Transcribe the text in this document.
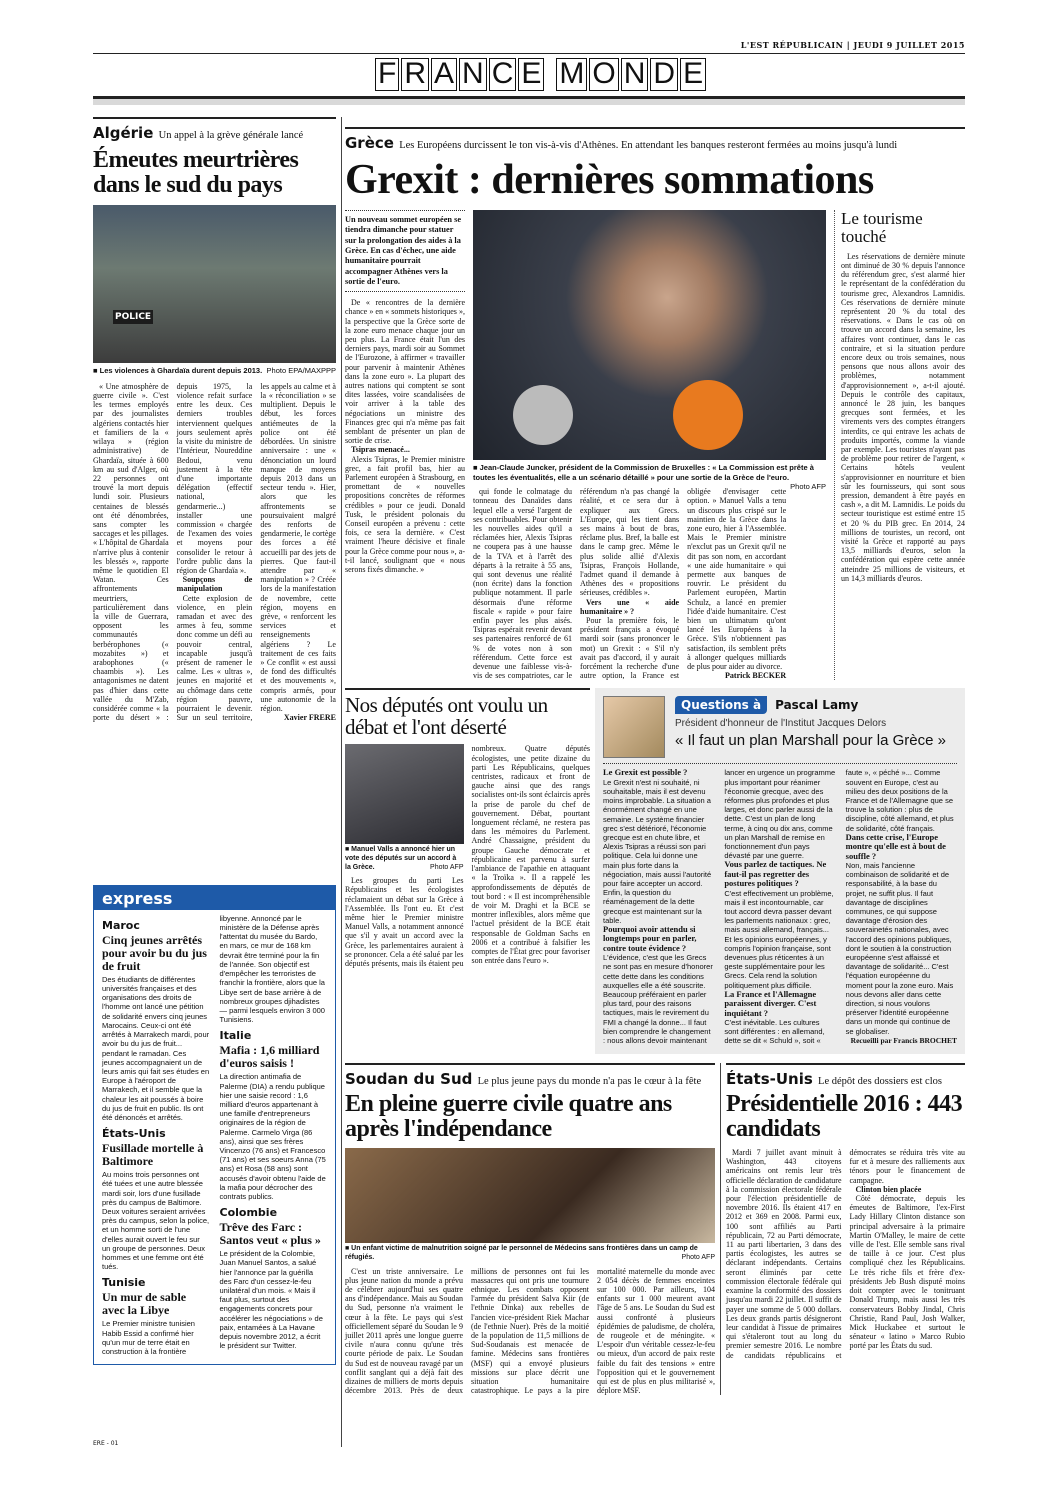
L'EST RÉPUBLICAIN | JEUDI 9 JUILLET 2015
F R A N C E M O N D E
Algérie Un appel à la grève générale lancé
Émeutes meurtrières dans le sud du pays
POLICE
■ Les violences à Ghardaïa durent depuis 2013. Photo EPA/MAXPPP

« Une atmosphère de guerre civile ». C'est les termes employés par des journalistes algériens contactés hier et familiers de la « wilaya » (région administrative) de Ghardaïa, située à 600 km au sud d'Alger, où 22 personnes ont trouvé la mort depuis lundi soir. Plusieurs centaines de blessés ont été dénombrées, sans compter les saccages et les pillages. « L'hôpital de Ghardaïa n'arrive plus à contenir les blessés », rapporte même le quotidien El Watan. Ces affrontements meurtriers, particulièrement dans la ville de Guerrara, opposent les communautés berbérophones (« mozabites ») et arabophones (« chaambis »). Les antagonismes ne datent pas d'hier dans cette vallée du M'Zab, considérée comme « la porte du désert » : depuis 1975, la violence refait surface entre les deux. Ces derniers troubles interviennent quelques jours seulement après la visite du ministre de l'Intérieur, Noureddine Bedoui, venu justement à la tête d'une importante délégation (effectif national, gendarmerie...) installer une commission « chargée de l'examen des voies et moyens pour consolider le retour à l'ordre public dans la région de Ghardaïa ».

Soupçons de manipulation

Cette explosion de violence, en plein ramadan et avec des armes à feu, somme donc comme un défi au pouvoir central, incapable jusqu'à présent de ramener le calme. Les « ultras », jeunes en majorité et au chômage dans cette région pauvre, pourraient le devenir. Sur un seul territoire, les appels au calme et à la « réconciliation » se multiplient. Depuis le début, les forces antiémeutes de la police ont été débordées. Un sinistre anniversaire : une « dénonciation un lourd manque de moyens depuis 2013 dans un secteur tendu ». Hier, alors que les affrontements se poursuivaient malgré des renforts de gendarmerie, le cortège des forces a été accueilli par des jets de pierres. Que faut-il attendre par « manipulation » ? Créée lors de la manifestation de novembre, cette région, moyens en grève, « renforcent les services et renseignements algériens ? Le traitement de ces faits » Ce conflit « est aussi de fond des difficultés et des mouvements », compris armés, pour une autonomie de la région.

Xavier FRERE

express
Maroc
Cinq jeunes arrêtés pour avoir bu du jus de fruit

Des étudiants de différentes universités françaises et des organisations des droits de l'homme ont lancé une pétition de solidarité envers cinq jeunes Marocains. Ceux-ci ont été arrêtés à Marrakech mardi, pour avoir bu du jus de fruit... pendant le ramadan. Ces jeunes accompagnaient un de leurs amis qui fait ses études en Europe à l'aéroport de Marrakech, et il semble que la chaleur les ait poussés à boire du jus de fruit en public. Ils ont été dénoncés et arrêtés.

États-Unis
Fusillade mortelle à Baltimore

Au moins trois personnes ont été tuées et une autre blessée mardi soir, lors d'une fusillade près du campus de Baltimore. Deux voitures seraient arrivées près du campus, selon la police, et un homme sorti de l'une d'elles aurait ouvert le feu sur un groupe de personnes. Deux hommes et une femme ont été tués.

Tunisie
Un mur de sable avec la Libye

Le Premier ministre tunisien Habib Essid a confirmé hier qu'un mur de terre était en construction à la frontière libyenne. Annoncé par le ministère de la Défense après l'attentat du musée du Bardo, en mars, ce mur de 168 km devrait être terminé pour la fin de l'année. Son objectif est d'empêcher les terroristes de franchir la frontière, alors que la Libye sert de base arrière à de nombreux groupes djihadistes — parmi lesquels environ 3 000 Tunisiens.

Italie
Mafia : 1,6 milliard d'euros saisis !

La direction antimafia de Palerme (DIA) a rendu publique hier une saisie record : 1,6 milliard d'euros appartenant à une famille d'entrepreneurs originaires de la région de Palerme. Carmelo Virga (86 ans), ainsi que ses frères Vincenzo (76 ans) et Francesco (71 ans) et ses soeurs Anna (75 ans) et Rosa (58 ans) sont accusés d'avoir obtenu l'aide de la mafia pour décrocher des contrats publics.

Colombie
Trêve des Farc : Santos veut « plus »

Le président de la Colombie, Juan Manuel Santos, a salué hier l'annonce par la guérilla des Farc d'un cessez-le-feu unilatéral d'un mois. « Mais il faut plus, surtout des engagements concrets pour accélérer les négociations » de paix, entamées à La Havane depuis novembre 2012, a écrit le président sur Twitter.

Grèce Les Européens durcissent le ton vis-à-vis d'Athènes. En attendant les banques resteront fermées au moins jusqu'à lundi
Grexit : dernières sommations
Un nouveau sommet européen se tiendra dimanche pour statuer sur la prolongation des aides à la Grèce. En cas d'échec, une aide humanitaire pourrait accompagner Athènes vers la sortie de l'euro.

De « rencontres de la dernière chance » en « sommets historiques », la perspective que la Grèce sorte de la zone euro menace chaque jour un peu plus. La France était l'un des derniers pays, mardi soir au Sommet de l'Eurozone, à affirmer « travailler pour parvenir à maintenir Athènes dans la zone euro ». La plupart des autres nations qui comptent se sont dites lassées, voire scandalisées de voir arriver à la table des négociations un ministre des Finances grec qui n'a même pas fait semblant de présenter un plan de sortie de crise.

Tsipras menacé...

Alexis Tsipras, le Premier ministre grec, a fait profil bas, hier au Parlement européen à Strasbourg, en promettant de « nouvelles propositions concrètes de réformes crédibles » pour ce jeudi. Donald Tusk, le président polonais du Conseil européen a prévenu : cette fois, ce sera la dernière. « C'est vraiment l'heure décisive et finale pour la Grèce comme pour nous », a-t-il lancé, soulignant que « nous serons fixés dimanche. »

■ Jean-Claude Juncker, président de la Commission de Bruxelles : « La Commission est prête à toutes les éventualités, elle a un scénario détaillé » pour une sortie de la Grèce de l'euro.
Photo AFP

qui fonde le colmatage du tonneau des Danaïdes dans lequel elle a versé l'argent de ses contribuables. Pour obtenir les nouvelles aides qu'il a réclamées hier, Alexis Tsipras ne coupera pas à une hausse de la TVA et à l'arrêt des départs à la retraite à 55 ans, qui sont devenus une réalité (non écrite) dans la fonction publique notamment. Il parle désormais d'une réforme fiscale « rapide » pour faire enfin payer les plus aisés. Tsipras espérait revenir devant ses partenaires renforcé de 61 % de votes non à son référendum. Cette force est devenue une faiblesse vis-à-vis de ses compatriotes, car le référendum n'a pas changé la réalité, et ce sera dur à expliquer aux Grecs. L'Europe, qui les tient dans ses mains à bout de bras, réclame plus. Bref, la balle est dans le camp grec. Même le plus solide allié d'Alexis Tsipras, François Hollande, l'admet quand il demande à Athènes des « propositions sérieuses, crédibles ».

Vers une « aide humanitaire » ?

Pour la première fois, le président français a évoqué mardi soir (sans prononcer le mot) un Grexit : « S'il n'y avait pas d'accord, il y aurait forcément la recherche d'une autre option, la France est obligée d'envisager cette option. » Manuel Valls a tenu un discours plus crispé sur le maintien de la Grèce dans la zone euro, hier à l'Assemblée. Mais le Premier ministre n'exclut pas un Grexit qu'il ne dit pas son nom, en accordant « une aide humanitaire » qui permette aux banques de rouvrir. Le président du Parlement européen, Martin Schulz, a lancé en premier l'idée d'aide humanitaire. C'est bien un ultimatum qu'ont lancé les Européens à la Grèce. S'ils n'obtiennent pas satisfaction, ils semblent prêts à allonger quelques milliards de plus pour aider au divorce.

Patrick BECKER

Le tourisme touché

Les réservations de dernière minute ont diminué de 30 % depuis l'annonce du référendum grec, s'est alarmé hier le représentant de la confédération du tourisme grec, Alexandros Lamnidis. Ces réservations de dernière minute représentent 20 % du total des réservations. « Dans le cas où on trouve un accord dans la semaine, les affaires vont continuer, dans le cas contraire, et si la situation perdure encore deux ou trois semaines, nous pensons que nous allons avoir des problèmes, notamment d'approvisionnement », a-t-il ajouté. Depuis le contrôle des capitaux, annoncé le 28 juin, les banques grecques sont fermées, et les virements vers des comptes étrangers interdits, ce qui entrave les achats de produits importés, comme la viande par exemple. Les touristes n'ayant pas de problème pour retirer de l'argent, « Certains hôtels veulent s'approvisionner en nourriture et bien sûr les fournisseurs, qui sont sous pression, demandent à être payés en cash », a dit M. Lamnidis. Le poids du secteur touristique est estimé entre 15 et 20 % du PIB grec. En 2014, 24 millions de touristes, un record, ont visité la Grèce et rapporté au pays 13,5 milliards d'euros, selon la confédération qui espère cette année atteindre 25 millions de visiteurs, et un 14,3 milliards d'euros.

Nos députés ont voulu un débat et l'ont déserté
■ Manuel Valls a annoncé hier un vote des députés sur un accord à la Grèce.	Photo AFP

Les groupes du parti Les Républicains et les écologistes réclamaient un débat sur la Grèce à l'Assemblée. Ils l'ont eu. Et c'est même hier le Premier ministre Manuel Valls, a notamment annoncé que s'il y avait un accord avec la Grèce, les parlementaires auraient à se prononcer. Cela a été salué par les députés présents, mais ils étaient peu nombreux. Quatre députés écologistes, une petite dizaine du parti Les Républicains, quelques centristes, radicaux et front de gauche ainsi que des rangs socialistes ont-ils sont éclaircis après la prise de parole du chef de gouvernement. Débat, pourtant longuement réclamé, ne restera pas dans les mémoires du Parlement. André Chassaigne, président du groupe Gauche démocrate et républicaine est parvenu à surfer l'ambiance de l'apathie en attaquant « la Troïka ». Il a rappelé les approfondissements de députés de tout bord : « Il est incompréhensible de voir M. Draghi et la BCE se montrer inflexibles, alors même que l'actuel président de la BCE était responsable de Goldman Sachs en 2006 et a contribué à falsifier les comptes de l'État grec pour favoriser son entrée dans l'euro ».

Questions à	Pascal Lamy
Président d'honneur de l'Institut Jacques Delors
« Il faut un plan Marshall pour la Grèce »
Le Grexit est possible ?

Le Grexit n'est ni souhaité, ni souhaitable, mais il est devenu moins improbable. La situation a énormément changé en une semaine. Le système financier grec s'est détérioré, l'économie grecque est en chute libre, et Alexis Tsipras a réussi son pari politique. Cela lui donne une main plus forte dans la négociation, mais aussi l'autorité pour faire accepter un accord. Enfin, la question du réaménagement de la dette grecque est maintenant sur la table.

Pourquoi avoir attendu si longtemps pour en parler, contre toute évidence ?

L'évidence, c'est que les Grecs ne sont pas en mesure d'honorer cette dette dans les conditions auxquelles elle a été souscrite. Beaucoup préféraient en parler plus tard, pour des raisons tactiques, mais le revirement du FMI a changé la donne... Il faut bien comprendre le changement : nous allons devoir maintenant lancer en urgence un programme plus important pour réanimer l'économie grecque, avec des réformes plus profondes et plus larges, et donc parler aussi de la dette. C'est un plan de long terme, à cinq ou dix ans, comme un plan Marshall de remise en fonctionnement d'un pays dévasté par une guerre.

Vous parlez de tactiques. Ne faut-il pas regretter des postures politiques ?

C'est effectivement un problème, mais il est incontournable, car tout accord devra passer devant les parlements nationaux : grec, mais aussi allemand, français... Et les opinions européennes, y compris l'opinion française, sont devenues plus réticentes à un geste supplémentaire pour les Grecs. Cela rend la solution politiquement plus difficile.

La France et l'Allemagne paraissent diverger. C'est inquiétant ?

C'est inévitable. Les cultures sont différentes : en allemand, dette se dit « Schuld », soit « faute », « péché »... Comme souvent en Europe, c'est au milieu des deux positions de la France et de l'Allemagne que se trouve la solution : plus de discipline, côté allemand, et plus de solidarité, côté français.

Dans cette crise, l'Europe montre qu'elle est à bout de souffle ?

Non, mais l'ancienne combinaison de solidarité et de responsabilité, à la base du projet, ne suffit plus. Il faut davantage de disciplines communes, ce qui suppose davantage d'érosion des souverainetés nationales, avec l'accord des opinions publiques, dont le soutien à la construction européenne s'est affaissé et davantage de solidarité... C'est l'équation européenne du moment pour la zone euro. Mais nous devons aller dans cette direction, si nous voulons préserver l'identité européenne dans un monde qui continue de se globaliser.

Recueilli par Francis BROCHET

Soudan du Sud Le plus jeune pays du monde n'a pas le cœur à la fête
En pleine guerre civile quatre ans après l'indépendance
■ Un enfant victime de malnutrition soigné par le personnel de Médecins sans frontières dans un camp de réfugiés.	Photo AFP

C'est un triste anniversaire. Le plus jeune nation du monde a prévu de célébrer aujourd'hui ses quatre ans d'indépendance. Mais au Soudan du Sud, personne n'a vraiment le cœur à la fête. Le pays qui s'est officiellement séparé du Soudan le 9 juillet 2011 après une longue guerre civile n'aura connu qu'une très courte période de paix. Le Soudan du Sud est de nouveau ravagé par un conflit sanglant qui a déjà fait des dizaines de milliers de morts depuis décembre 2013. Près de deux millions de personnes ont fui les massacres qui ont pris une tournure ethnique. Les combats opposent l'armée du président Salva Kiir (de l'ethnie Dinka) aux rebelles de l'ancien vice-président Riek Machar (de l'ethnie Nuer). Près de la moitié de la population de 11,5 millions de Sud-Soudanais est menacée de famine. Médecins sans frontières (MSF) qui a envoyé plusieurs missions sur place décrit une situation humanitaire catastrophique. Le pays a la pire mortalité maternelle du monde avec 2 054 décès de femmes enceintes sur 100 000. Par ailleurs, 104 enfants sur 1 000 meurent avant l'âge de 5 ans. Le Soudan du Sud est aussi confronté à plusieurs épidémies de paludisme, de choléra, de rougeole et de méningite. « L'espoir d'un véritable cessez-le-feu ou mieux, d'un accord de paix reste faible du fait des tensions » entre l'opposition qui et le gouvernement qui est de plus en plus militarisé », déplore MSF.

États-Unis Le dépôt des dossiers est clos
Présidentielle 2016 : 443 candidats

Mardi 7 juillet avant minuit à Washington, 443 citoyens américains ont remis leur très officielle déclaration de candidature à la commission électorale fédérale pour l'élection présidentielle de novembre 2016. Ils étaient 417 en 2012 et 369 en 2008. Parmi eux, 100 sont affiliés au Parti républicain, 72 au Parti démocrate, 11 au parti libertarien, 3 dans des partis écologistes, les autres se déclarant indépendants. Certains seront éliminés par cette commission électorale fédérale qui examine la conformité des dossiers jusqu'au mardi 22 juillet. Il suffit de payer une somme de 5 000 dollars. Les deux grands partis désigneront leur candidat à l'issue de primaires qui s'étaleront tout au long du premier semestre 2016. Le nombre de candidats républicains et démocrates se réduira très vite au fur et à mesure des ralliements aux ténors pour le financement de campagne.

Clinton bien placée

Côté démocrate, depuis les émeutes de Baltimore, l'ex-First Lady Hillary Clinton distance son principal adversaire à la primaire Martin O'Malley, le maire de cette ville de l'est. Elle semble sans rival de taille à ce jour. C'est plus compliqué chez les Républicains. Le très riche fils et frère d'ex-présidents Jeb Bush disputé moins doit compter avec le tonitruant Donald Trump, mais aussi les très conservateurs Bobby Jindal, Chris Christie, Rand Paul, Josh Walker, Mick Huckabee et surtout le sénateur « latino » Marco Rubio porté par les États du sud.

ERE - 01
